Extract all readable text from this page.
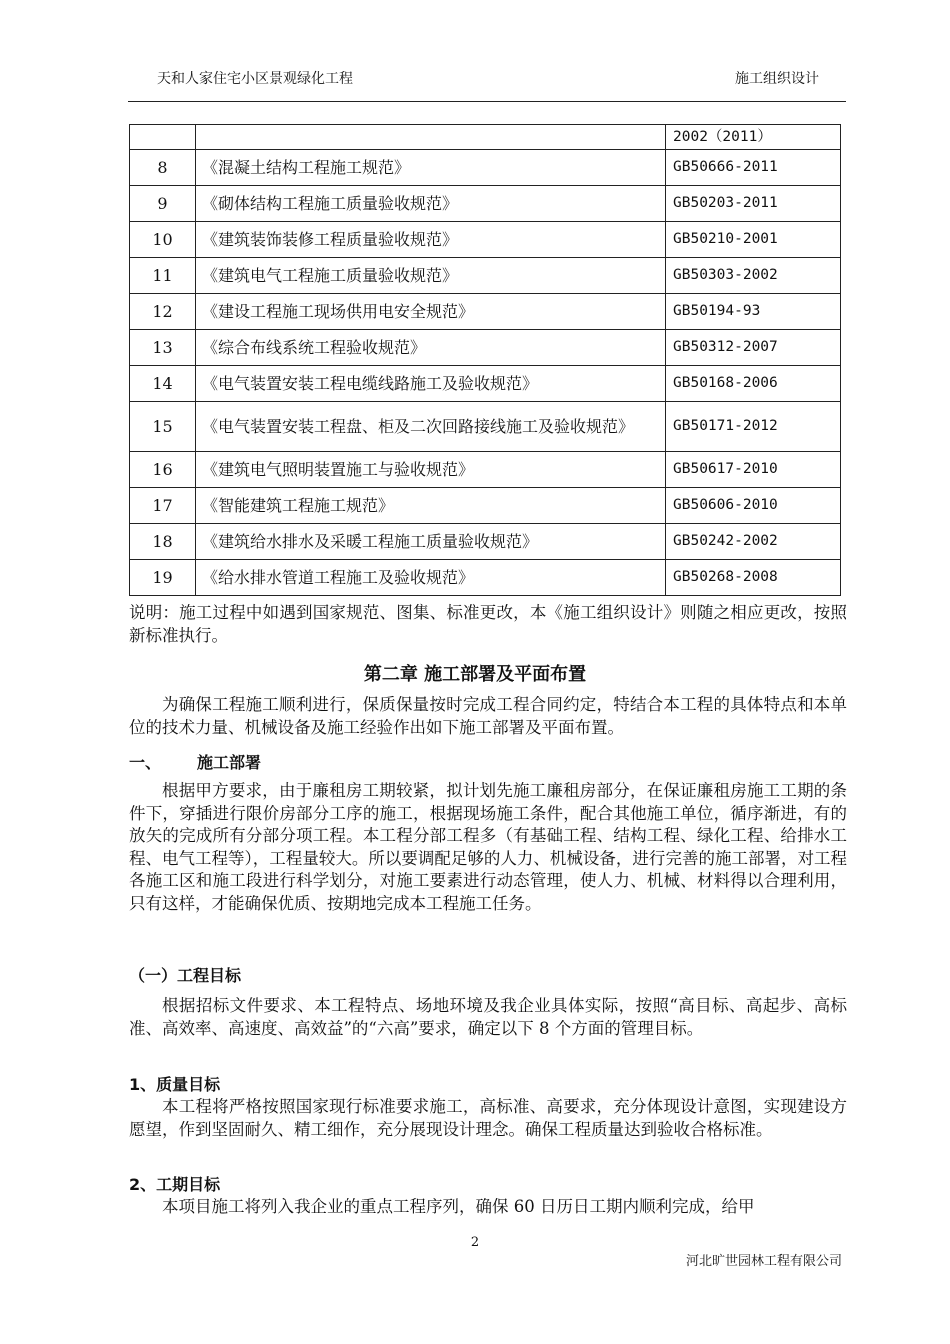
天和人家住宅小区景观绿化工程	施工组织设计
		2002（2011）
8	《混凝土结构工程施工规范》	GB50666-2011
9	《砌体结构工程施工质量验收规范》	GB50203-2011
10	《建筑装饰装修工程质量验收规范》	GB50210-2001
11	《建筑电气工程施工质量验收规范》	GB50303-2002
12	《建设工程施工现场供用电安全规范》	GB50194-93
13	《综合布线系统工程验收规范》	GB50312-2007
14	《电气装置安装工程电缆线路施工及验收规范》	GB50168-2006
15	《电气装置安装工程盘、柜及二次回路接线施工及验收规范》	GB50171-2012
16	《建筑电气照明装置施工与验收规范》	GB50617-2010
17	《智能建筑工程施工规范》	GB50606-2010
18	《建筑给水排水及采暖工程施工质量验收规范》	GB50242-2002
19	《给水排水管道工程施工及验收规范》	GB50268-2008
说明：施工过程中如遇到国家规范、图集、标准更改，本《施工组织设计》则随之相应更改，按照新标准执行。
第二章 施工部署及平面布置
为确保工程施工顺利进行，保质保量按时完成工程合同约定，特结合本工程的具体特点和本单位的技术力量、机械设备及施工经验作出如下施工部署及平面布置。
一、 施工部署
根据甲方要求，由于廉租房工期较紧，拟计划先施工廉租房部分，在保证廉租房施工工期的条件下，穿插进行限价房部分工序的施工，根据现场施工条件，配合其他施工单位，循序渐进，有的放矢的完成所有分部分项工程。本工程分部工程多（有基础工程、结构工程、绿化工程、给排水工程、电气工程等），工程量较大。所以要调配足够的人力、机械设备，进行完善的施工部署，对工程各施工区和施工段进行科学划分，对施工要素进行动态管理，使人力、机械、材料得以合理利用，只有这样，才能确保优质、按期地完成本工程施工任务。
（一）工程目标
根据招标文件要求、本工程特点、场地环境及我企业具体实际，按照“高目标、高起步、高标准、高效率、高速度、高效益”的“六高”要求，确定以下 8 个方面的管理目标。
1、质量目标
本工程将严格按照国家现行标准要求施工，高标准、高要求，充分体现设计意图，实现建设方愿望，作到坚固耐久、精工细作，充分展现设计理念。确保工程质量达到验收合格标准。
2、工期目标
本项目施工将列入我企业的重点工程序列，确保 60 日历日工期内顺利完成，给甲
2
河北旷世园林工程有限公司
